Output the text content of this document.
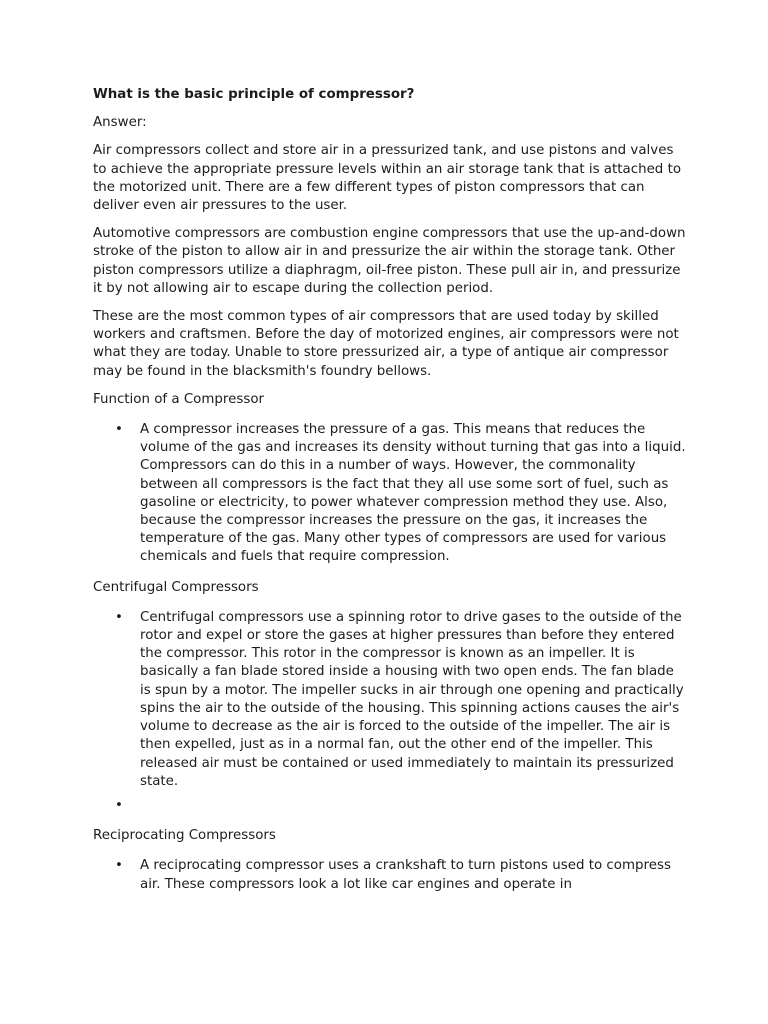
What is the basic principle of compressor?

Answer:

Air compressors collect and store air in a pressurized tank, and use pistons and valves to achieve the appropriate pressure levels within an air storage tank that is attached to the motorized unit. There are a few different types of piston compressors that can deliver even air pressures to the user.

Automotive compressors are combustion engine compressors that use the up-and-down stroke of the piston to allow air in and pressurize the air within the storage tank. Other piston compressors utilize a diaphragm, oil-free piston. These pull air in, and pressurize it by not allowing air to escape during the collection period.

These are the most common types of air compressors that are used today by skilled workers and craftsmen. Before the day of motorized engines, air compressors were not what they are today. Unable to store pressurized air, a type of antique air compressor may be found in the blacksmith's foundry bellows.

Function of a Compressor

• A compressor increases the pressure of a gas. This means that reduces the volume of the gas and increases its density without turning that gas into a liquid. Compressors can do this in a number of ways. However, the commonality between all compressors is the fact that they all use some sort of fuel, such as gasoline or electricity, to power whatever compression method they use. Also, because the compressor increases the pressure on the gas, it increases the temperature of the gas. Many other types of compressors are used for various chemicals and fuels that require compression.

Centrifugal Compressors

• Centrifugal compressors use a spinning rotor to drive gases to the outside of the rotor and expel or store the gases at higher pressures than before they entered the compressor. This rotor in the compressor is known as an impeller. It is basically a fan blade stored inside a housing with two open ends. The fan blade is spun by a motor. The impeller sucks in air through one opening and practically spins the air to the outside of the housing. This spinning actions causes the air's volume to decrease as the air is forced to the outside of the impeller. The air is then expelled, just as in a normal fan, out the other end of the impeller. This released air must be contained or used immediately to maintain its pressurized state.
•

Reciprocating Compressors

• A reciprocating compressor uses a crankshaft to turn pistons used to compress air. These compressors look a lot like car engines and operate in
